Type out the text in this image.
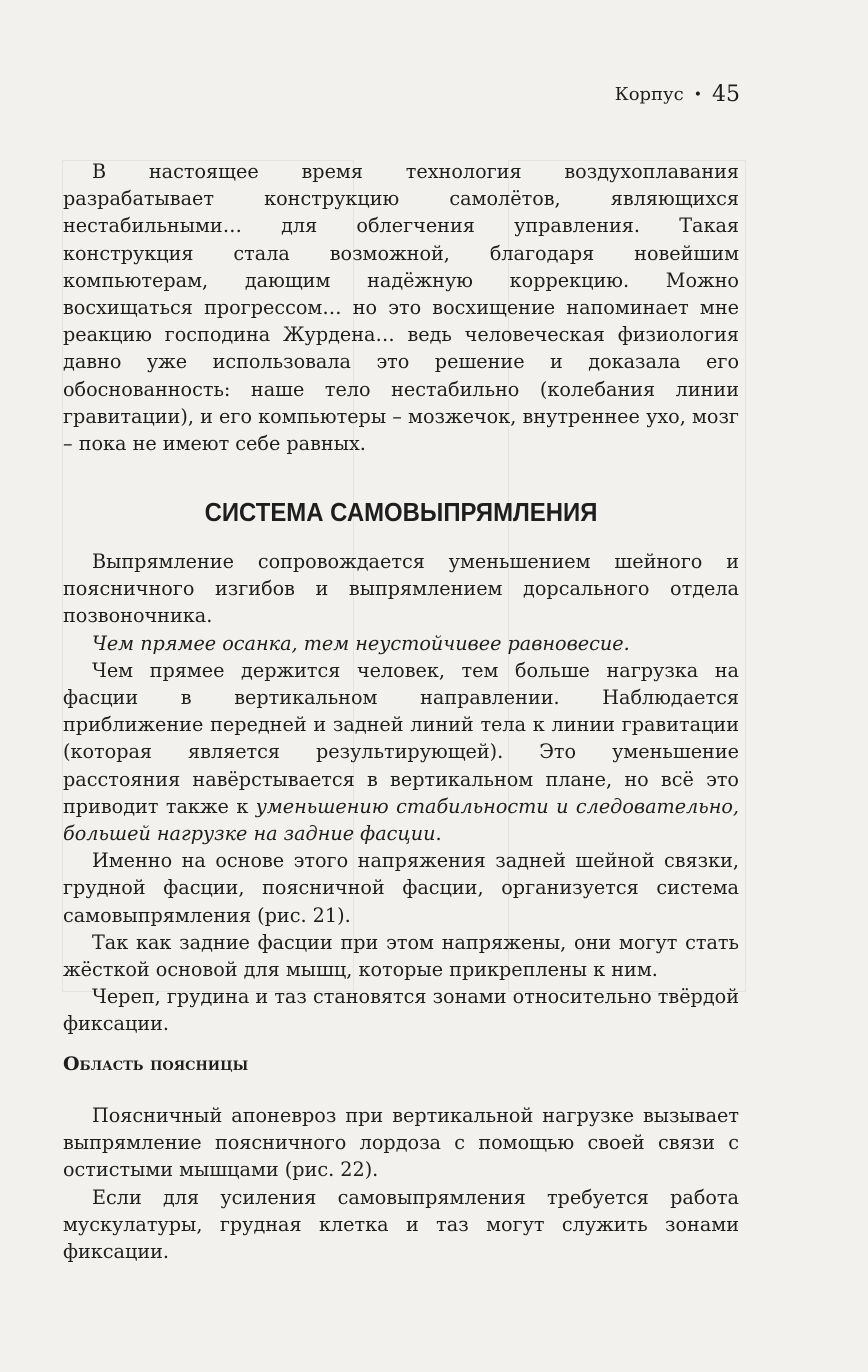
Корпус • 45

В настоящее время технология воздухоплавания разрабатывает конструкцию самолётов, являющихся нестабильными… для облегчения управления. Такая конструкция стала возможной, благодаря новейшим компьютерам, дающим надёжную коррекцию. Можно восхищаться прогрессом… но это восхищение напоминает мне реакцию господина Журдена… ведь человеческая физиология давно уже использовала это решение и доказала его обоснованность: наше тело нестабильно (колебания линии гравитации), и его компьютеры – мозжечок, внутреннее ухо, мозг – пока не имеют себе равных.

СИСТЕМА САМОВЫПРЯМЛЕНИЯ

Выпрямление сопровождается уменьшением шейного и поясничного изгибов и выпрямлением дорсального отдела позвоночника.

Чем прямее осанка, тем неустойчивее равновесие.

Чем прямее держится человек, тем больше нагрузка на фасции в вертикальном направлении. Наблюдается приближение передней и задней линий тела к линии гравитации (которая является результирующей). Это уменьшение расстояния навёрстывается в вертикальном плане, но всё это приводит также к уменьшению стабильности и следовательно, большей нагрузке на задние фасции.

Именно на основе этого напряжения задней шейной связки, грудной фасции, поясничной фасции, организуется система самовыпрямления (рис. 21).

Так как задние фасции при этом напряжены, они могут стать жёсткой основой для мышц, которые прикреплены к ним.

Череп, грудина и таз становятся зонами относительно твёрдой фиксации.

Область поясницы

Поясничный апоневроз при вертикальной нагрузке вызывает выпрямление поясничного лордоза с помощью своей связи с остистыми мышцами (рис. 22).

Если для усиления самовыпрямления требуется работа мускулатуры, грудная клетка и таз могут служить зонами фиксации.
